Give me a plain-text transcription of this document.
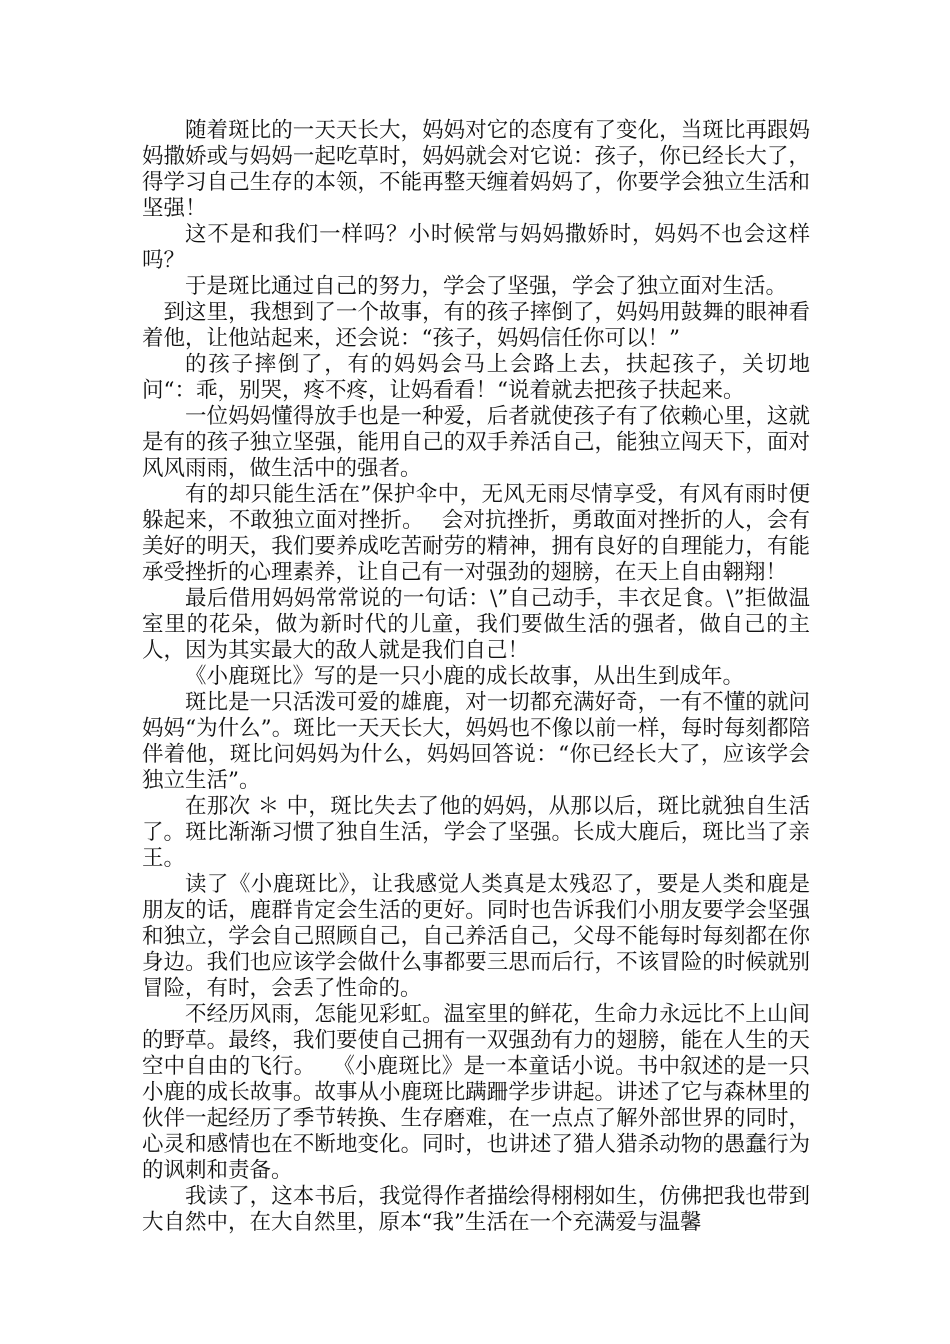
随着斑比的一天天长大，妈妈对它的态度有了变化，当斑比再跟妈妈撒娇或与妈妈一起吃草时，妈妈就会对它说：孩子，你已经长大了，得学习自己生存的本领，不能再整天缠着妈妈了，你要学会独立生活和坚强！

这不是和我们一样吗？小时候常与妈妈撒娇时，妈妈不也会这样吗？

于是斑比通过自己的努力，学会了坚强，学会了独立面对生活。

到这里，我想到了一个故事，有的孩子摔倒了，妈妈用鼓舞的眼神看着他，让他站起来，还会说：“孩子，妈妈信任你可以！”

的孩子摔倒了，有的妈妈会马上会路上去，扶起孩子，关切地问“：乖，别哭，疼不疼，让妈看看！“说着就去把孩子扶起来。

一位妈妈懂得放手也是一种爱，后者就使孩子有了依赖心里，这就是有的孩子独立坚强，能用自己的双手养活自己，能独立闯天下，面对风风雨雨，做生活中的强者。

有的却只能生活在”保护伞中，无风无雨尽情享受，有风有雨时便躲起来，不敢独立面对挫折。　 会对抗挫折，勇敢面对挫折的人，会有美好的明天，我们要养成吃苦耐劳的精神，拥有良好的自理能力，有能承受挫折的心理素养，让自己有一对强劲的翅膀，在天上自由翱翔！

最后借用妈妈常常说的一句话：\”自己动手，丰衣足食。\”拒做温室里的花朵，做为新时代的儿童，我们要做生活的强者，做自己的主人，因为其实最大的敌人就是我们自己！

《小鹿斑比》写的是一只小鹿的成长故事，从出生到成年。

斑比是一只活泼可爱的雄鹿，对一切都充满好奇，一有不懂的就问妈妈“为什么”。斑比一天天长大，妈妈也不像以前一样，每时每刻都陪伴着他，斑比问妈妈为什么，妈妈回答说：“你已经长大了，应该学会独立生活”。

在那次 ＊ 中，斑比失去了他的妈妈，从那以后，斑比就独自生活了。斑比渐渐习惯了独自生活，学会了坚强。长成大鹿后，斑比当了亲王。

读了《小鹿斑比》，让我感觉人类真是太残忍了，要是人类和鹿是朋友的话，鹿群肯定会生活的更好。同时也告诉我们小朋友要学会坚强和独立，学会自己照顾自己，自己养活自己，父母不能每时每刻都在你身边。我们也应该学会做什么事都要三思而后行，不该冒险的时候就别冒险，有时，会丢了性命的。

不经历风雨，怎能见彩虹。温室里的鲜花，生命力永远比不上山间的野草。最终，我们要使自己拥有一双强劲有力的翅膀，能在人生的天空中自由的飞行。　 《小鹿斑比》是一本童话小说。书中叙述的是一只小鹿的成长故事。故事从小鹿斑比蹒跚学步讲起。讲述了它与森林里的伙伴一起经历了季节转换、生存磨难，在一点点了解外部世界的同时，心灵和感情也在不断地变化。同时，也讲述了猎人猎杀动物的愚蠢行为的讽刺和责备。

我读了，这本书后，我觉得作者描绘得栩栩如生，仿佛把我也带到大自然中，在大自然里，原本“我”生活在一个充满爱与温馨
